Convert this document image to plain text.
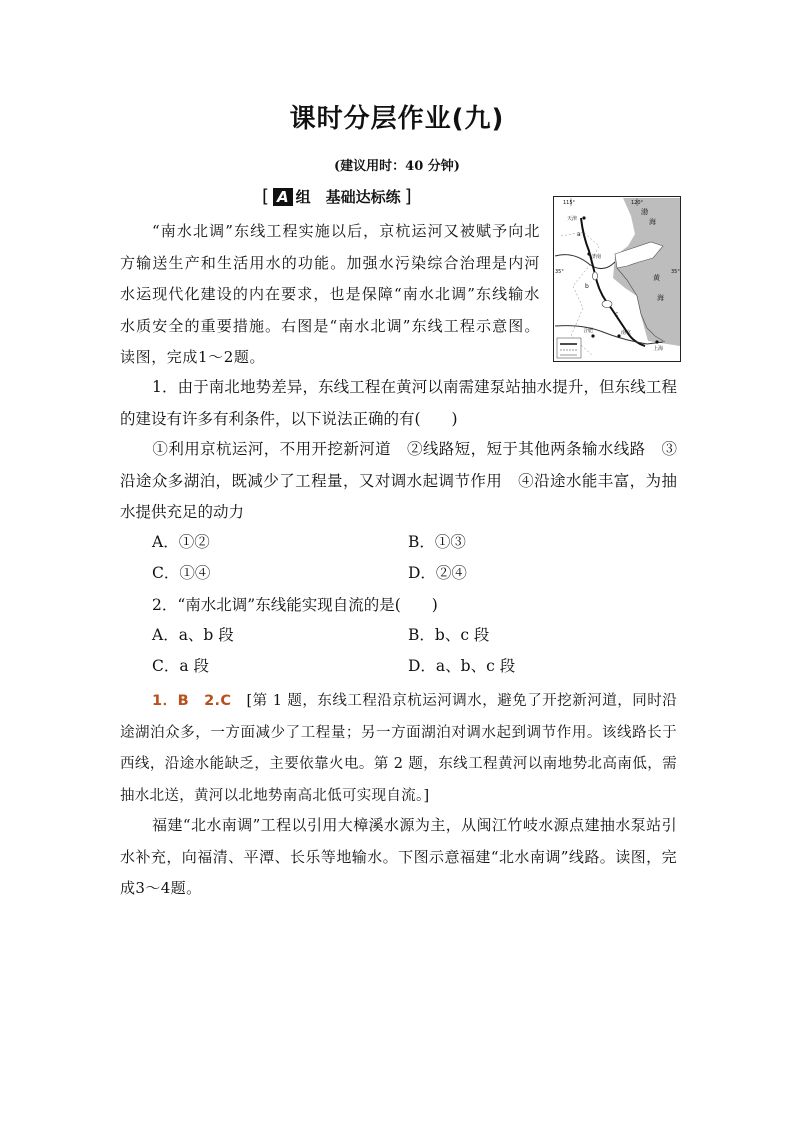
课时分层作业(九)
(建议用时：40 分钟)
[ A 组　基础达标练 ]
“南水北调”东线工程实施以后，京杭运河又被赋予向北方输送生产和生活用水的功能。加强水污染综合治理是内河水运现代化建设的内在要求，也是保障“南水北调”东线输水水质安全的重要措施。右图是“南水北调”东线工程示意图。读图，完成1～2题。
115°	120°
35°	35°
天津
渤
海
济南
黄
海
合肥	南京
上海
a
b
c
1．由于南北地势差异，东线工程在黄河以南需建泵站抽水提升，但东线工程的建设有许多有利条件，以下说法正确的有(　　)
①利用京杭运河，不用开挖新河道　②线路短，短于其他两条输水线路　③沿途众多湖泊，既减少了工程量，又对调水起调节作用　④沿途水能丰富，为抽水提供充足的动力
A．①②	B．①③
C．①④	D．②④
2．“南水北调”东线能实现自流的是(　　)
A．a、b 段	B．b、c 段
C．a 段	D．a、b、c 段
1．B　2.C　 [第 1 题，东线工程沿京杭运河调水，避免了开挖新河道，同时沿途湖泊众多，一方面减少了工程量；另一方面湖泊对调水起到调节作用。该线路长于西线，沿途水能缺乏，主要依靠火电。第 2 题，东线工程黄河以南地势北高南低，需抽水北送，黄河以北地势南高北低可实现自流。]
福建“北水南调”工程以引用大樟溪水源为主，从闽江竹岐水源点建抽水泵站引水补充，向福清、平潭、长乐等地输水。下图示意福建“北水南调”线路。读图，完成3～4题。
